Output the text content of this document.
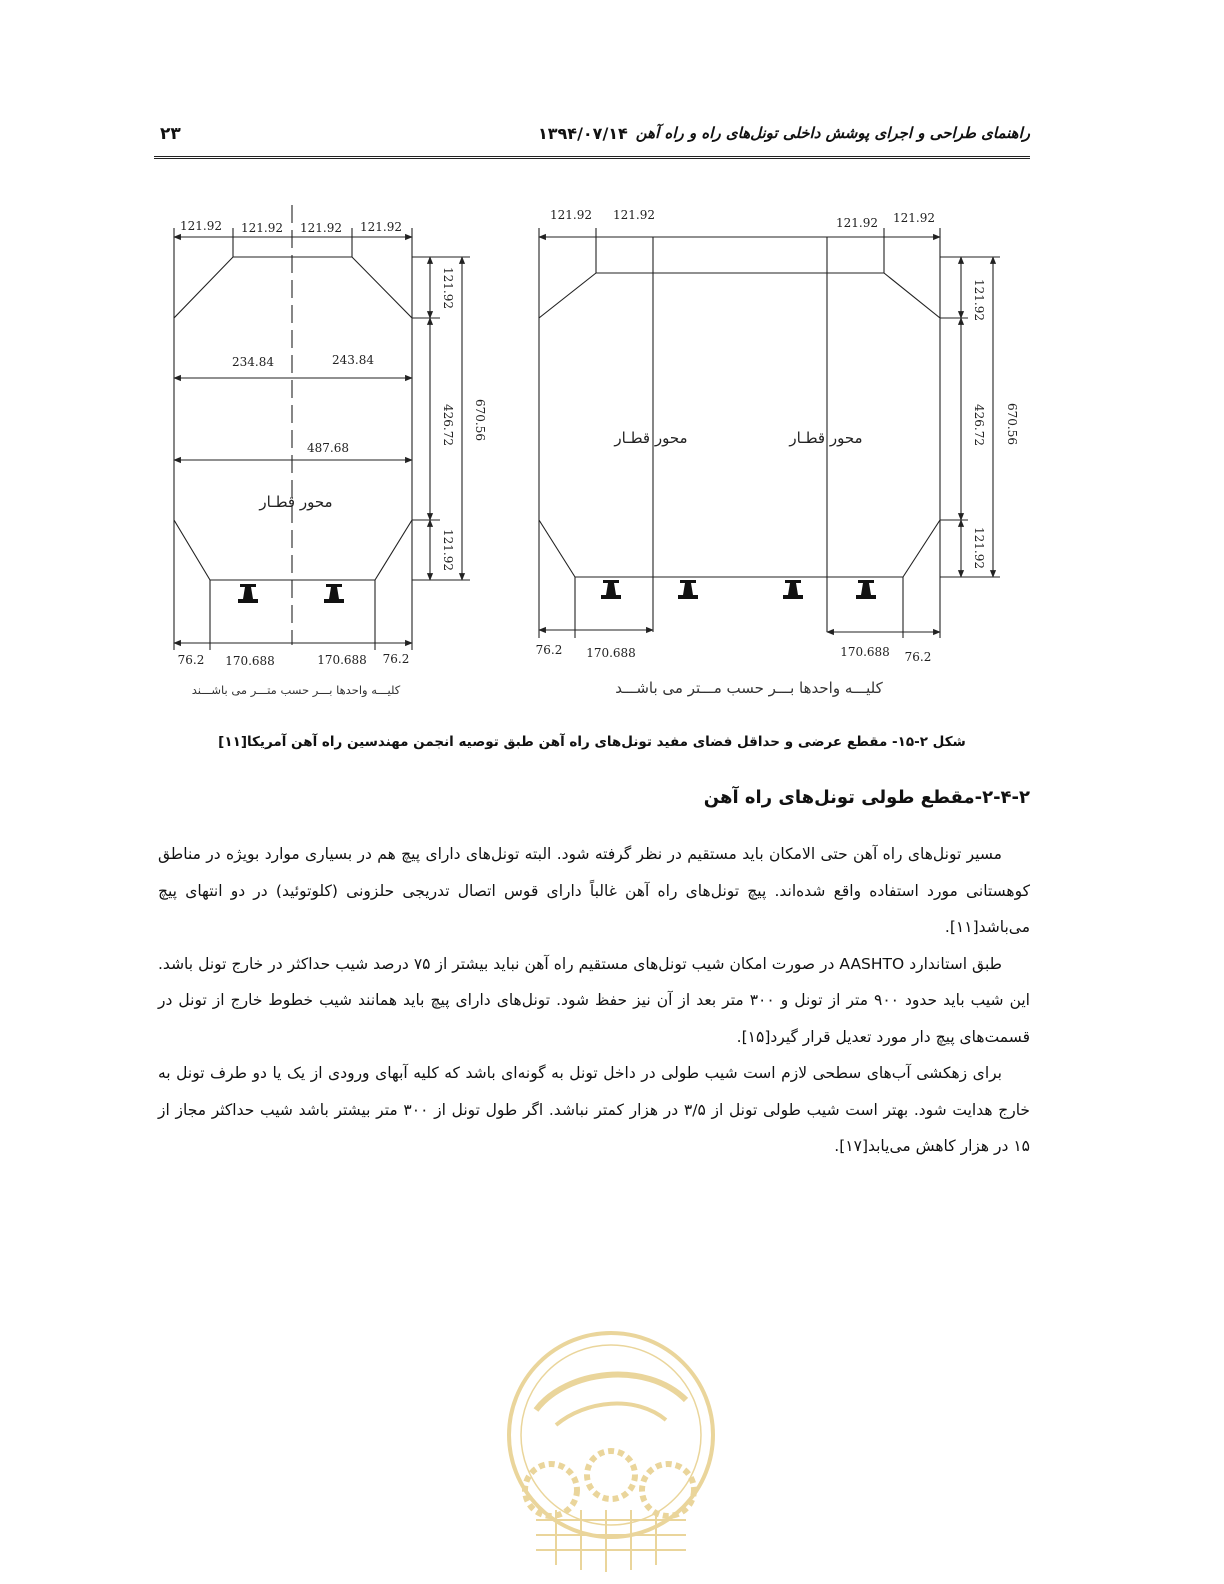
راهنمای طراحی و اجرای پوشش داخلی تونل‌های راه و راه آهن
۱۳۹۴/۰۷/۱۴
۲۳
121.92 121.92 121.92 121.92
234.84	243.84
487.68
محور قطـار
121.92
426.72
121.92
670.56
76.2 170.688	170.688 76.2
کلیـــه واحدها بـــر حسب متـــر می باشـــند
121.92 121.92
121.92 121.92
محور قطـار	محور قطـار
121.92
426.72
121.92
670.56
76.2 170.688	170.688 76.2
کلیـــه واحدها بـــر حسب مـــتر می باشـــد
شکل ۲-۱۵- مقطع عرضی و حداقل فضای مفید تونل‌های راه آهن طبق توصیه انجمن مهندسین راه آهن آمریکا[۱۱]
۲-۴-۲-مقطع طولی تونل‌های راه آهن

مسیر تونل‌های راه آهن حتی الامکان باید مستقیم در نظر گرفته شود. البته تونل‌های دارای پیچ هم در بسیاری موارد بویژه در مناطق کوهستانی مورد استفاده واقع شده‌اند. پیچ تونل‌های راه آهن غالباً دارای قوس اتصال تدریجی حلزونی (کلوتوئید) در دو انتهای پیچ می‌باشد[۱۱].

طبق استاندارد AASHTO در صورت امکان شیب تونل‌های مستقیم راه آهن نباید بیشتر از ۷۵ درصد شیب حداکثر در خارج تونل باشد. این شیب باید حدود ۹۰۰ متر از تونل و ۳۰۰ متر بعد از آن نیز حفظ شود. تونل‌های دارای پیچ باید همانند شیب خطوط خارج از تونل در قسمت‌های پیچ دار مورد تعدیل قرار گیرد[۱۵].

برای زهکشی آب‌های سطحی لازم است شیب طولی در داخل تونل به گونه‌ای باشد که کلیه آبهای ورودی از یک یا دو طرف تونل به خارج هدایت شود. بهتر است شیب طولی تونل از ۳/۵ در هزار کمتر نباشد. اگر طول تونل از ۳۰۰ متر بیشتر باشد شیب حداکثر مجاز از ۱۵ در هزار کاهش می‌یابد[۱۷].
